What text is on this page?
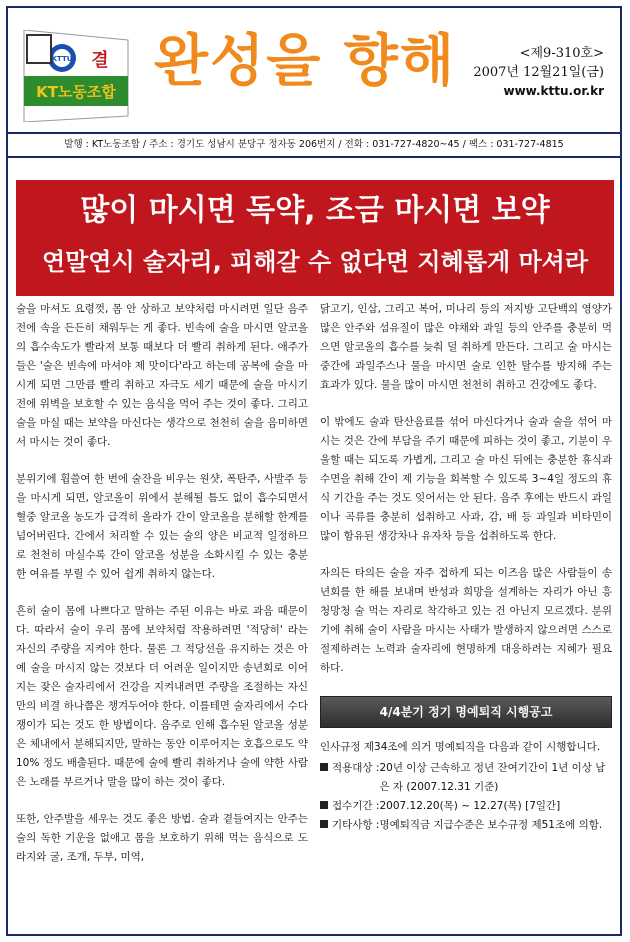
KTTU 결
KT노동조합 완성을 향해	<제9-310호>
2007년 12월21일(금)
www.kttu.or.kr
발행 : KT노동조합 / 주소 : 경기도 성남시 분당구 정자동 206번지 / 전화 : 031-727-4820~45 / 팩스 : 031-727-4815
많이 마시면 독약, 조금 마시면 보약
연말연시 술자리, 피해갈 수 없다면 지혜롭게 마셔라

술을 마셔도 요령껏, 몸 안 상하고 보약처럼 마시려면 일단 음주 전에 속을 든든히 채워두는 게 좋다. 빈속에 술을 마시면 알코올의 흡수속도가 빨라져 보통 때보다 더 빨리 취하게 된다. 애주가들은 '술은 빈속에 마셔야 제 맛이다'라고 하는데 공복에 술을 마시게 되면 그만큼 빨리 취하고 자극도 세기 때문에 술을 마시기 전에 위벽을 보호할 수 있는 음식을 먹어 주는 것이 좋다. 그리고 술을 마실 때는 보약을 마신다는 생각으로 천천히 술을 음미하면서 마시는 것이 좋다.

분위기에 휩쓸여 한 번에 술잔을 비우는 원샷, 폭탄주, 사발주 등을 마시게 되면, 알코올이 위에서 분해될 틈도 없이 흡수되면서 혈중 알코올 농도가 급격히 올라가 간이 알코올을 분해할 한계를 넘어버린다. 간에서 처리할 수 있는 술의 양은 비교적 일정하므로 천천히 마실수록 간이 알코올 성분을 소화시킬 수 있는 충분한 여유를 부릴 수 있어 쉽게 취하지 않는다.

흔히 술이 몸에 나쁘다고 말하는 주된 이유는 바로 과음 때문이다. 따라서 술이 우리 몸에 보약처럼 작용하려면 '적당히' 라는 자신의 주량을 지켜야 한다. 물론 그 적당선을 유지하는 것은 아예 술을 마시지 않는 것보다 더 어려운 일이지만 송년회로 이어지는 잦은 술자리에서 건강을 지켜내려면 주량을 조절하는 자신만의 비결 하나쯤은 챙겨두어야 한다. 이를테면 술자리에서 수다쟁이가 되는 것도 한 방법이다. 음주로 인해 흡수된 알코올 성분은 체내에서 분해되지만, 말하는 동안 이루어지는 호흡으로도 약 10% 정도 배출된다. 때문에 술에 빨리 취하거나 술에 약한 사람은 노래를 부르거나 말을 많이 하는 것이 좋다.

또한, 안주발을 세우는 것도 좋은 방법. 술과 곁들여지는 안주는 술의 독한 기운을 없애고 몸을 보호하기 위해 먹는 음식으로 도라지와 굴, 조개, 두부, 미역,

닭고기, 인삼, 그리고 복어, 미나리 등의 저지방 고단백의 영양가 많은 안주와 섬유질이 많은 야채와 과일 등의 안주를 충분히 먹으면 알코올의 흡수를 늦춰 덜 취하게 만든다. 그리고 술 마시는 중간에 과일주스나 물을 마시면 술로 인한 탈수를 방지해 주는 효과가 있다. 물을 많이 마시면 천천히 취하고 건강에도 좋다.

이 밖에도 술과 탄산음료를 섞어 마신다거나 술과 술을 섞어 마시는 것은 간에 부담을 주기 때문에 피하는 것이 좋고, 기분이 우울할 때는 되도록 가볍게, 그리고 술 마신 뒤에는 충분한 휴식과 수면을 취해 간이 제 기능을 회복할 수 있도록 3~4일 정도의 휴식 기간을 주는 것도 잊어서는 안 된다. 음주 후에는 반드시 과일이나 곡류를 충분히 섭취하고 사과, 감, 배 등 과일과 비타민이 많이 함유된 생강차나 유자차 등을 섭취하도록 한다.

자의든 타의든 술을 자주 접하게 되는 이즈음 많은 사람들이 송년회를 한 해를 보내며 반성과 희망을 설계하는 자리가 아닌 흥청망청 술 먹는 자리로 착각하고 있는 건 아닌지 모르겠다. 분위기에 취해 술이 사람을 마시는 사태가 발생하지 않으려면 스스로 절제하려는 노력과 술자리에 현명하게 대응하려는 지혜가 필요하다.

4/4분기 정기 명예퇴직 시행공고
인사규정 제34조에 의거 명예퇴직을 다음과 같이 시행합니다.
적용대상 : 20년 이상 근속하고 정년 잔여기간이 1년 이상 남은 자 (2007.12.31 기준)
접수기간 : 2007.12.20(목) ~ 12.27(목) [7일간]
기타사항 : 명예퇴직금 지급수준은 보수규정 제51조에 의함.
